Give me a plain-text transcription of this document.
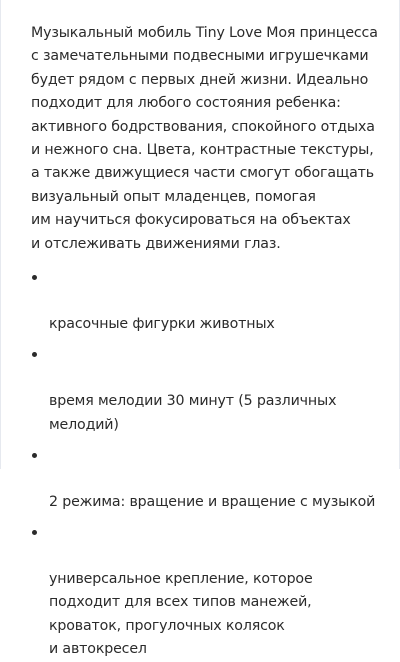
Музыкальный мобиль Tiny Love Моя принцесса
с замечательными подвесными игрушечками
будет рядом с первых дней жизни. Идеально
подходит для любого состояния ребенка:
активного бодрствования, спокойного отдыха
и нежного сна. Цвета, контрастные текстуры,
а также движущиеся части смогут обогащать
визуальный опыт младенцев, помогая
им научиться фокусироваться на объектах
и отслеживать движениями глаз.

красочные фигурки животных

время мелодии 30 минут (5 различных
мелодий)

2 режима: вращение и вращение с музыкой

универсальное крепление, которое
подходит для всех типов манежей,
кроваток, прогулочных колясок
и автокресел
